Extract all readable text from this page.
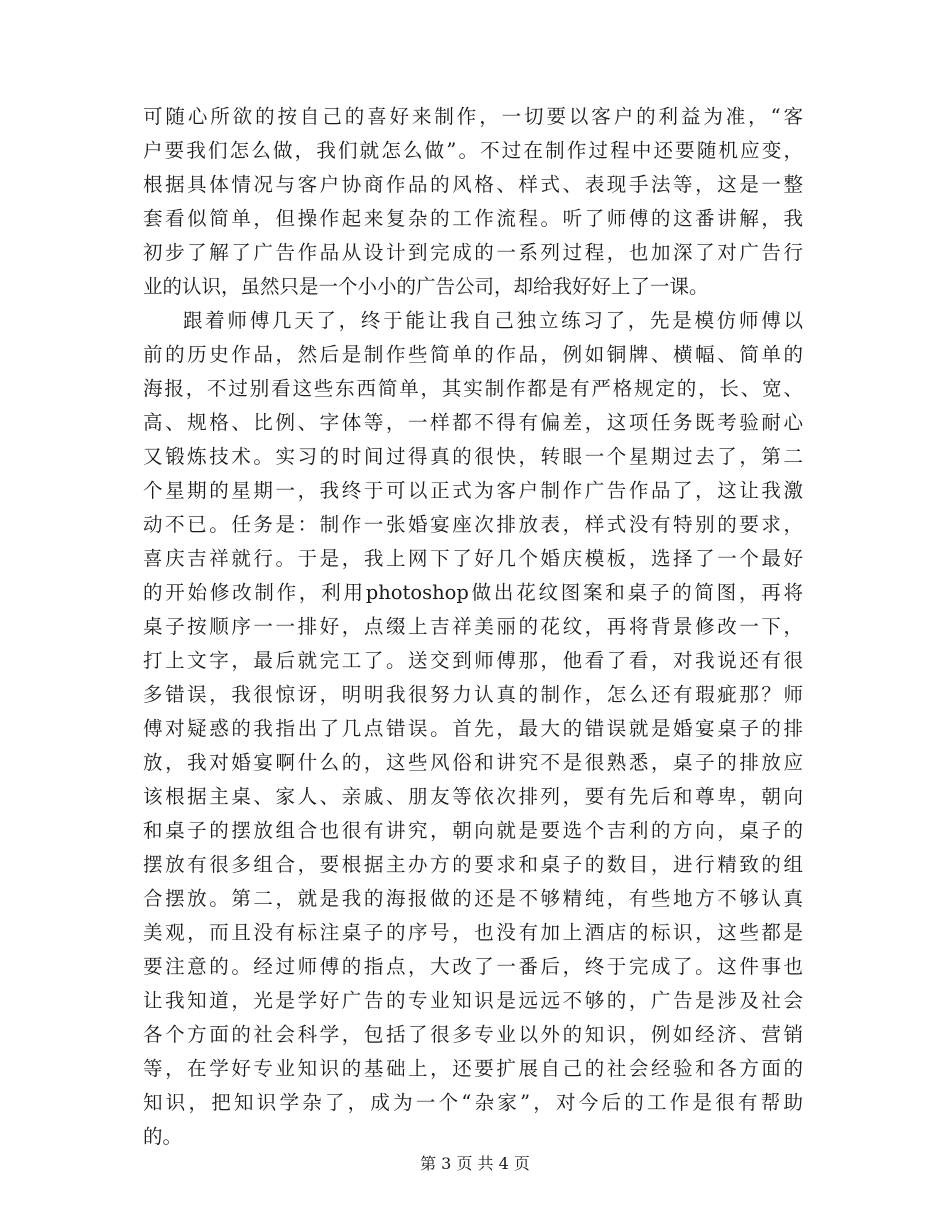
可随心所欲的按自己的喜好来制作，一切要以客户的利益为准，“客
户要我们怎么做，我们就怎么做”。不过在制作过程中还要随机应变，
根据具体情况与客户协商作品的风格、样式、表现手法等，这是一整
套看似简单，但操作起来复杂的工作流程。听了师傅的这番讲解，我
初步了解了广告作品从设计到完成的一系列过程，也加深了对广告行
业的认识，虽然只是一个小小的广告公司，却给我好好上了一课。
跟着师傅几天了，终于能让我自己独立练习了，先是模仿师傅以
前的历史作品，然后是制作些简单的作品，例如铜牌、横幅、简单的
海报，不过别看这些东西简单，其实制作都是有严格规定的，长、宽、
高、规格、比例、字体等，一样都不得有偏差，这项任务既考验耐心
又锻炼技术。实习的时间过得真的很快，转眼一个星期过去了，第二
个星期的星期一，我终于可以正式为客户制作广告作品了，这让我激
动不已。任务是：制作一张婚宴座次排放表，样式没有特别的要求，
喜庆吉祥就行。于是，我上网下了好几个婚庆模板，选择了一个最好
的开始修改制作，利用photoshop做出花纹图案和桌子的简图，再将
桌子按顺序一一排好，点缀上吉祥美丽的花纹，再将背景修改一下，
打上文字，最后就完工了。送交到师傅那，他看了看，对我说还有很
多错误，我很惊讶，明明我很努力认真的制作，怎么还有瑕疵那？师
傅对疑惑的我指出了几点错误。首先，最大的错误就是婚宴桌子的排
放，我对婚宴啊什么的，这些风俗和讲究不是很熟悉，桌子的排放应
该根据主桌、家人、亲戚、朋友等依次排列，要有先后和尊卑，朝向
和桌子的摆放组合也很有讲究，朝向就是要选个吉利的方向，桌子的
摆放有很多组合，要根据主办方的要求和桌子的数目，进行精致的组
合摆放。第二，就是我的海报做的还是不够精纯，有些地方不够认真
美观，而且没有标注桌子的序号，也没有加上酒店的标识，这些都是
要注意的。经过师傅的指点，大改了一番后，终于完成了。这件事也
让我知道，光是学好广告的专业知识是远远不够的，广告是涉及社会
各个方面的社会科学，包括了很多专业以外的知识，例如经济、营销
等，在学好专业知识的基础上，还要扩展自己的社会经验和各方面的
知识，把知识学杂了，成为一个“杂家”，对今后的工作是很有帮助
的。
第 3 页 共 4 页
